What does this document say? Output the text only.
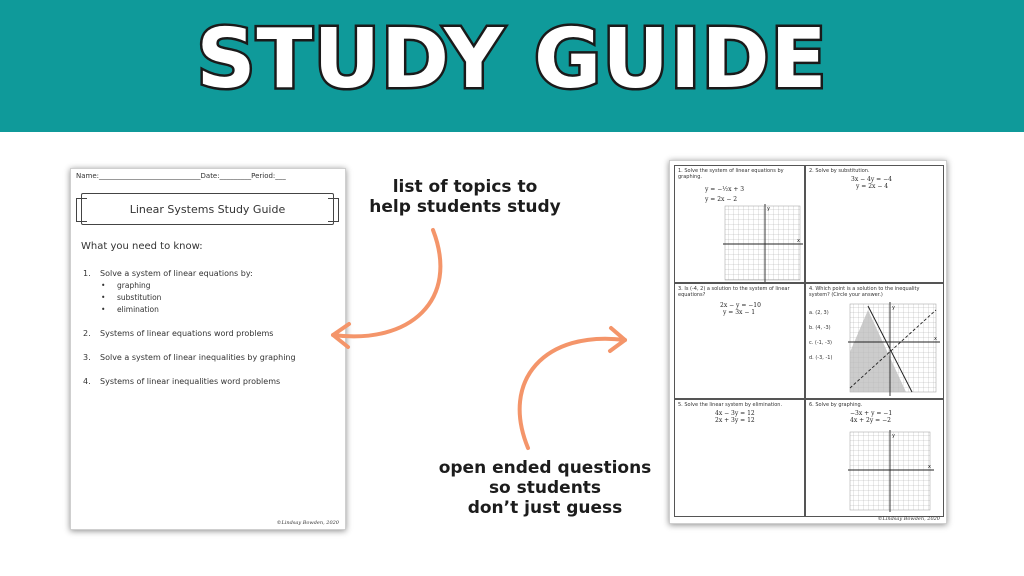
STUDY GUIDE
Name:_____________________________Date:_________Period:___
Linear Systems Study Guide
What you need to know:
1. Solve a system of linear equations by:
• graphing
• substitution
• elimination
2. Systems of linear equations word problems
3. Solve a system of linear inequalities by graphing
4. Systems of linear inequalities word problems
©Lindsay Bowden, 2020
list of topics to
help students study
open ended questions
so students
don’t just guess
1. Solve the system of linear equations by graphing.
y = −½x + 3
y = 2x − 2
x
y
2. Solve by substitution.
3x − 4y = −4
y = 2x − 4
3. Is (-4, 2) a solution to the system of linear equations?
2x − y = −10
y = 3x − 1
4. Which point is a solution to the inequality system? (Circle your answer.)
a. (2, 3)
b. (4, -3)
c. (-1, -3)
d. (-3, -1)
x
y
5. Solve the linear system by elimination.
4x − 3y = 12
2x + 3y = 12
6. Solve by graphing.
−3x + y = −1
4x + 2y = −2
x
y
©Lindsay Bowden, 2020
